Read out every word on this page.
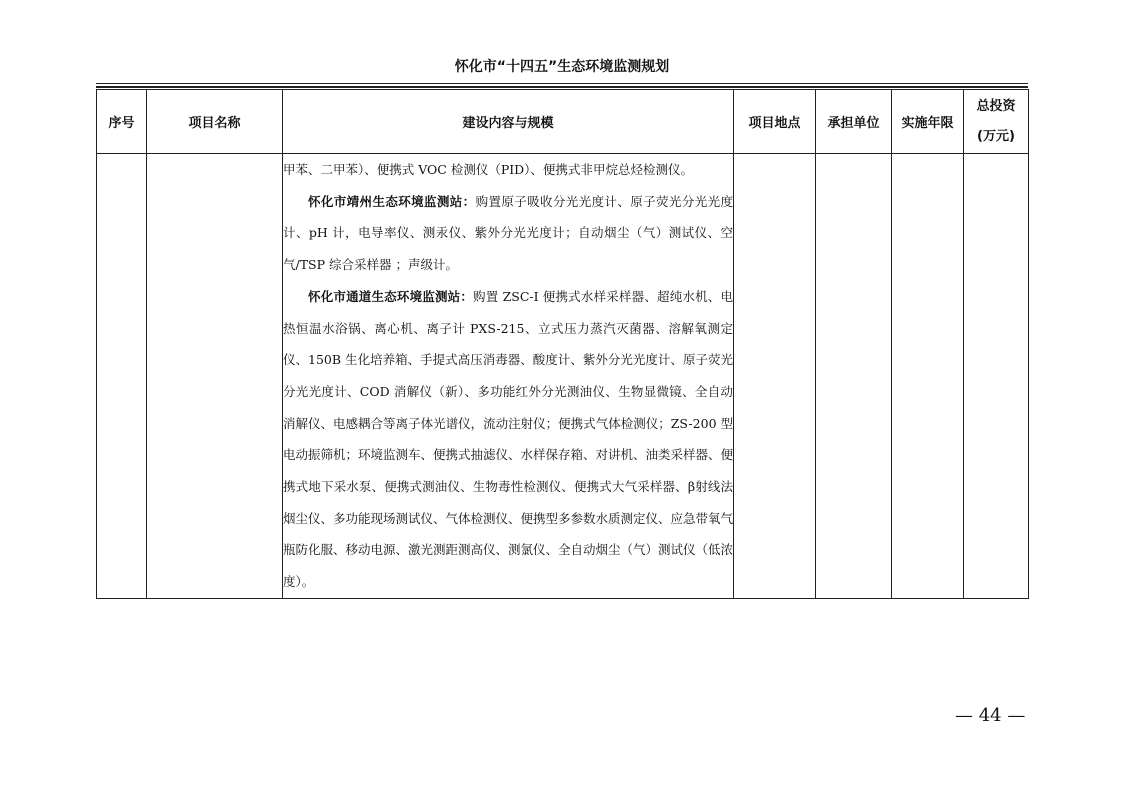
怀化市“十四五”生态环境监测规划
序号	项目名称	建设内容与规模	项目地点	承担单位	实施年限	总投资
(万元)

		甲苯、二甲苯）、便携式 VOC 检测仪（PID）、便携式非甲烷总烃检测仪。

怀化市靖州生态环境监测站：购置原子吸收分光光度计、原子荧光分光光度计、pH 计，电导率仪、测汞仪、紫外分光光度计；自动烟尘（气）测试仪、空气/TSP 综合采样器 ；声级计。

怀化市通道生态环境监测站：购置 ZSC-I 便携式水样采样器、超纯水机、电热恒温水浴锅、离心机、离子计 PXS-215、立式压力蒸汽灭菌器、溶解氧测定仪、150B 生化培养箱、手提式高压消毒器、酸度计、紫外分光光度计、原子荧光分光光度计、COD 消解仪（新）、多功能红外分光测油仪、生物显微镜、全自动消解仪、电感耦合等离子体光谱仪，流动注射仪；便携式气体检测仪；ZS-200 型电动振筛机；环境监测车、便携式抽滤仪、水样保存箱、对讲机、油类采样器、便携式地下采水泵、便携式测油仪、生物毒性检测仪、便携式大气采样器、β射线法烟尘仪、多功能现场测试仪、气体检测仪、便携型多参数水质测定仪、应急带氧气瓶防化服、移动电源、激光测距测高仪、测氯仪、全自动烟尘（气）测试仪（低浓度）。				

— 44 —
